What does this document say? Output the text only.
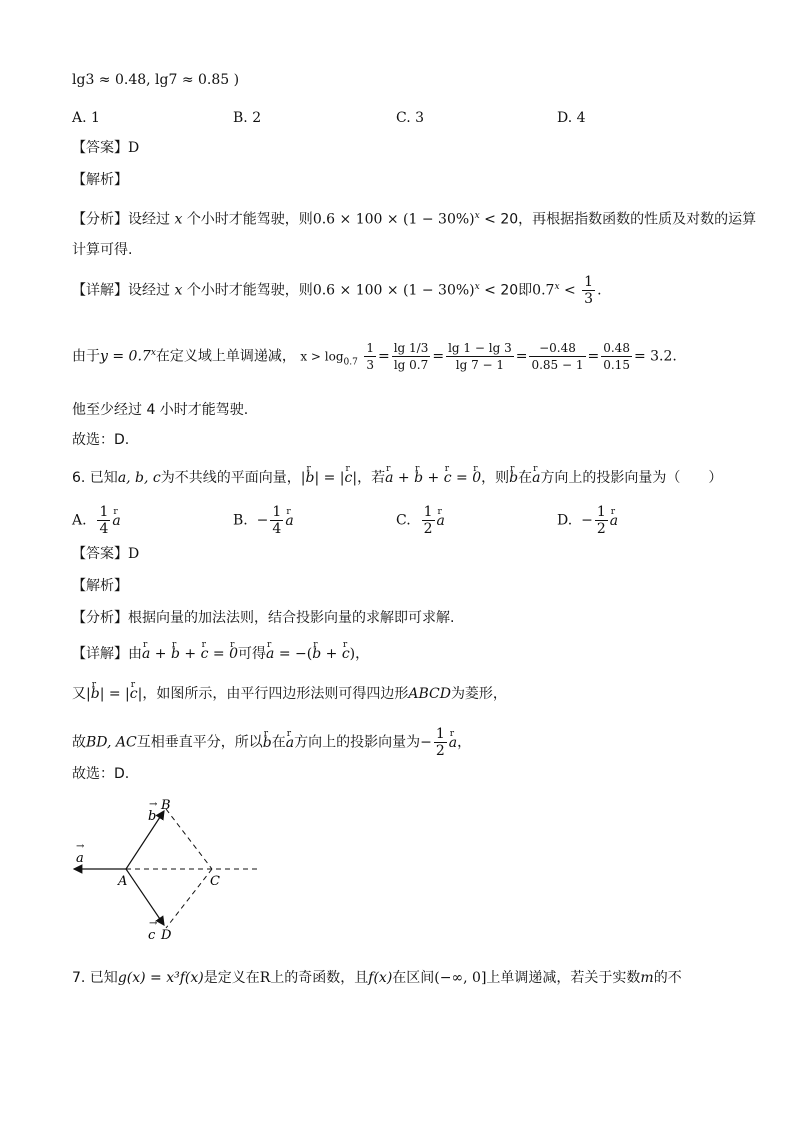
lg3 ≈ 0.48, lg7 ≈ 0.85 )
A. 1	B. 2	C. 3	D. 4
【答案】D
【解析】
【分析】设经过 x 个小时才能驾驶，则$0.6 \times 100 \times (1 - 30\%)^x < 20$，再根据指数函数的性质及对数的运算
计算可得.
【详解】设经过 x 个小时才能驾驶，则$0.6 \times 100 \times (1 - 30\%)^x < 20$即$0.7^x < \frac{1}{3}$ .
由于$y = 0.7^x$在定义域上单调递减， $x > \log_{0.7} \frac{1}{3} = \frac{\lg 1/3}{\lg 0.7} = \frac{\lg 1 - \lg 3}{\lg 7 - 1} = \frac{-0.48}{0.85 - 1} = \frac{0.48}{0.15} = 3.2$.
他至少经过 4 小时才能驾驶.
故选：D.
6. 已知a, b, c为不共线的平面向量，|r b| = |r c|，若r a + r b + r c = r 0，则r b在r a方向上的投影向量为（　　）
A. $\frac{1}{4}$ r a	B. − $\frac{1}{4}$ r a	C. $\frac{1}{2}$ r a	D. − $\frac{1}{2}$ r a
【答案】D
【解析】
【分析】根据向量的加法法则，结合投影向量的求解即可求解.
【详解】由r a + r b + r c = r 0可得r a = −(r b + r c)，
又|r b| = |r c|，如图所示，由平行四边形法则可得四边形ABCD为菱形，
故BD, AC互相垂直平分，所以r b在r a方向上的投影向量为− $\frac{1}{2}$ r a，
故选：D.
a
→
b
→ B
A	C
c
→
D
7. 已知g(x) = x³f(x)是定义在R上的奇函数，且f(x)在区间(−∞, 0]上单调递减，若关于实数m的不
